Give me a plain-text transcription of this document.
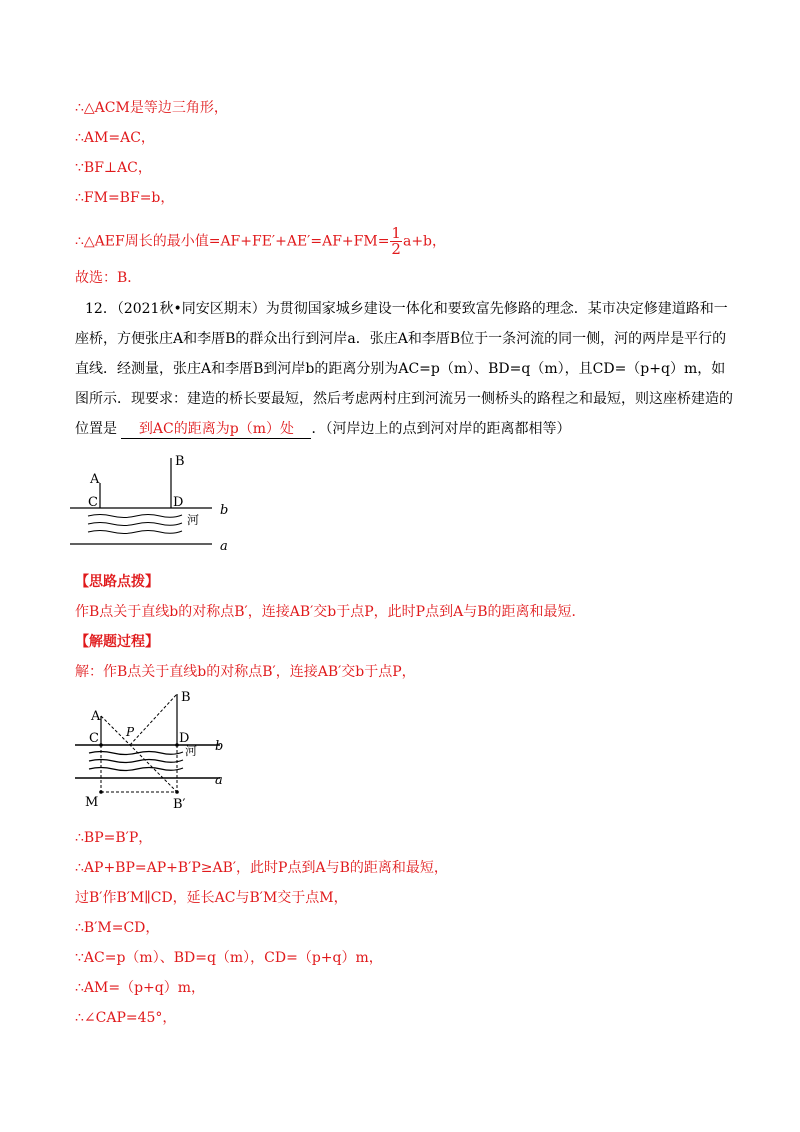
∴△ACM是等边三角形，
∴AM=AC，
∵BF⊥AC，
∴FM=BF=b，
∴△AEF周长的最小值$=AF+FE'+AE'=AF+FM= \frac{1}{2} a+b$，
故选：B．
12．（2021秋•同安区期末）为贯彻国家城乡建设一体化和要致富先修路的理念．某市决定修建道路和一座桥，方便张庄A和李厝B的群众出行到河岸a．张庄A和李厝B位于一条河流的同一侧，河的两岸是平行的直线．经测量，张庄A和李厝B到河岸b的距离分别为AC=p（m）、BD=q（m），且CD=（p+q）m，如图所示．现要求：建造的桥长要最短，然后考虑两村庄到河流另一侧桥头的路程之和最短，则这座桥建造的位置是 到AC的距离为p（m）处 ．（河岸边上的点到河对岸的距离都相等）
A
B
C	D
河
b
a
【思路点拨】
作B点关于直线b的对称点B′，连接AB′交b于点P，此时P点到A与B的距离和最短．
【解题过程】
解：作B点关于直线b的对称点B′，连接AB′交b于点P，
A
B
C	D
P
河 b
a
M	B′
∴BP=B′P，
∴AP+BP=AP+B′P≥AB′，此时P点到A与B的距离和最短，
过B′作B′M∥CD，延长AC与B′M交于点M，
∴B′M=CD，
∵AC=p（m）、BD=q（m），CD=（p+q）m，
∴AM=（p+q）m，
∴∠CAP=45°，
